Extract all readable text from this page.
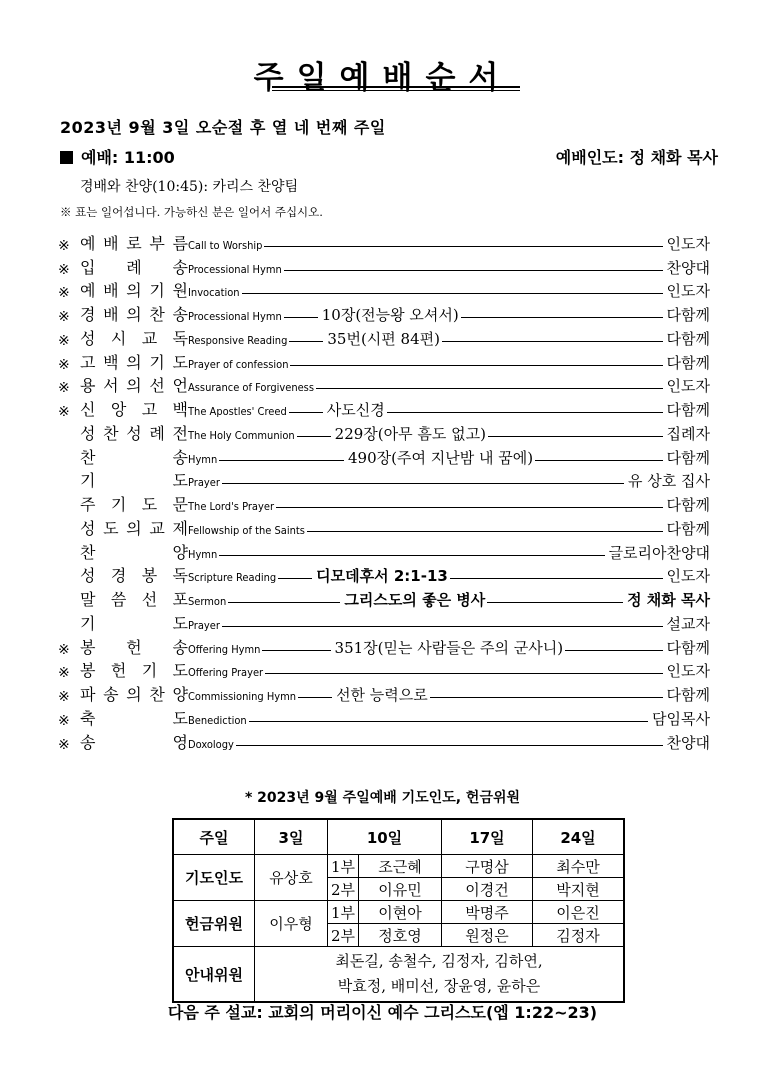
주일예배순서
2023년 9월 3일 오순절 후 열 네 번째 주일
예배: 11:00	예배인도: 정 채화 목사
경배와 찬양(10:45): 카리스 찬양팀
※ 표는 일어섭니다. 가능하신 분은 일어서 주십시오.
※ 예 배 로 부 름 Call to Worship	인도자
※ 입 례 송 Processional Hymn	찬양대
※ 예 배 의 기 원 Invocation	인도자
※ 경 배 의 찬 송 Processional Hymn	10장(전능왕 오셔서)	다함께
※ 성 시 교 독 Responsive Reading	35번(시편 84편)	다함께
※ 고 백 의 기 도 Prayer of confession	다함께
※ 용 서 의 선 언 Assurance of Forgiveness	인도자
※ 신 앙 고 백 The Apostles' Creed	사도신경	다함께
성 찬 성 례 전 The Holy Communion	229장(아무 흠도 없고)	집례자
찬	송 Hymn	490장(주여 지난밤 내 꿈에)	다함께
기	도 Prayer	유 상호 집사
주 기 도 문 The Lord's Prayer	다함께
성 도 의 교 제 Fellowship of the Saints	다함께
찬	양 Hymn	글로리아찬양대
성 경 봉 독 Scripture Reading	디모데후서 2:1-13	인도자
말 씀 선 포 Sermon	그리스도의 좋은 병사	정 채화 목사
기	도 Prayer	설교자
※ 봉 헌 송 Offering Hymn	351장(믿는 사람들은 주의 군사니)	다함께
※ 봉 헌 기 도 Offering Prayer	인도자
※ 파 송 의 찬 양 Commissioning Hymn	선한 능력으로	다함께
※ 축	도 Benediction	담임목사
※ 송	영 Doxology	찬양대
* 2023년 9월 주일예배 기도인도, 헌금위원
주일	3일	10일		17일	24일
기도인도	유상호	1부	조근혜	구명삼	최수만
		2부	이유민	이경건	박지현
헌금위원	이우형	1부	이현아	박명주	이은진
		2부	정호영	원정은	김정자
안내위원	최돈길, 송철수, 김정자, 김하연,
박효정, 배미선, 장윤영, 윤하은				
다음 주 설교: 교회의 머리이신 예수 그리스도(엡 1:22~23)
